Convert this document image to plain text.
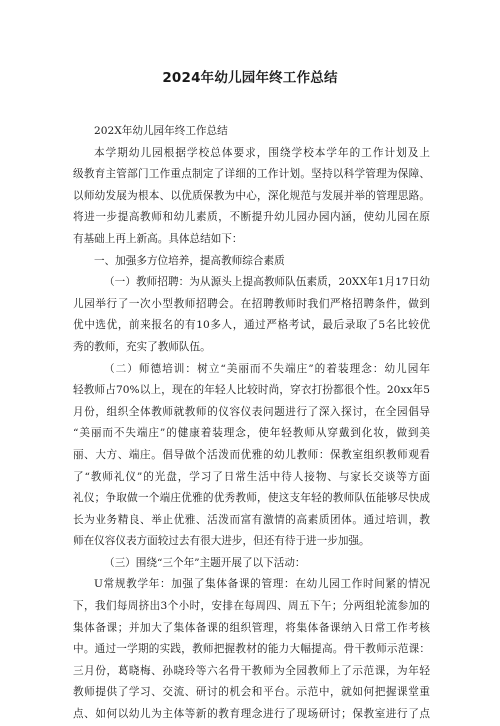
2024年幼儿园年终工作总结
202X年幼儿园年终工作总结
本学期幼儿园根据学校总体要求，围绕学校本学年的工作计划及上
级教育主管部门工作重点制定了详细的工作计划。坚持以科学管理为保障、
以师幼发展为根本、以优质保教为中心，深化规范与发展并举的管理思路。
将进一步提高教师和幼儿素质，不断提升幼儿园办园内涵，使幼儿园在原
有基础上再上新高。具体总结如下：
一、加强多方位培养，提高教师综合素质
（一）教师招聘：为从源头上提高教师队伍素质，20XX年1月17日幼
儿园举行了一次小型教师招聘会。在招聘教师时我们严格招聘条件，做到
优中选优，前来报名的有10多人，通过严格考试，最后录取了5名比较优
秀的教师，充实了教师队伍。
（二）师德培训：树立“美丽而不失端庄”的着装理念：幼儿园年
轻教师占70%以上，现在的年轻人比较时尚，穿衣打扮都很个性。20xx年5
月份，组织全体教师就教师的仪容仪表问题进行了深入探讨，在全园倡导
“美丽而不失端庄”的健康着装理念，使年轻教师从穿戴到化妆，做到美
丽、大方、端庄。倡导做个活泼而优雅的幼儿教师：保教室组织教师观看
了“教师礼仪”的光盘，学习了日常生活中待人接物、与家长交谈等方面
礼仪；争取做一个端庄优雅的优秀教师，使这支年轻的教师队伍能够尽快成
长为业务精良、举止优雅、活泼而富有激情的高素质团体。通过培训，教
师在仪容仪表方面较过去有很大进步，但还有待于进一步加强。
（三）围绕“三个年”主题开展了以下活动：
U常规教学年：加强了集体备课的管理：在幼儿园工作时间紧的情况
下，我们每周挤出3个小时，安排在每周四、周五下午；分两组轮流参加的
集体备课；并加大了集体备课的组织管理，将集体备课纳入日常工作考核
中。通过一学期的实践，教师把握教材的能力大幅提高。骨干教师示范课：
三月份，葛晓梅、孙晓玲等六名骨干教师为全园教师上了示范课，为年轻
教师提供了学习、交流、研讨的机会和平台。示范中，就如何把握课堂重
点、如何以幼儿为主体等新的教育理念进行了现场研讨；保教室进行了点
